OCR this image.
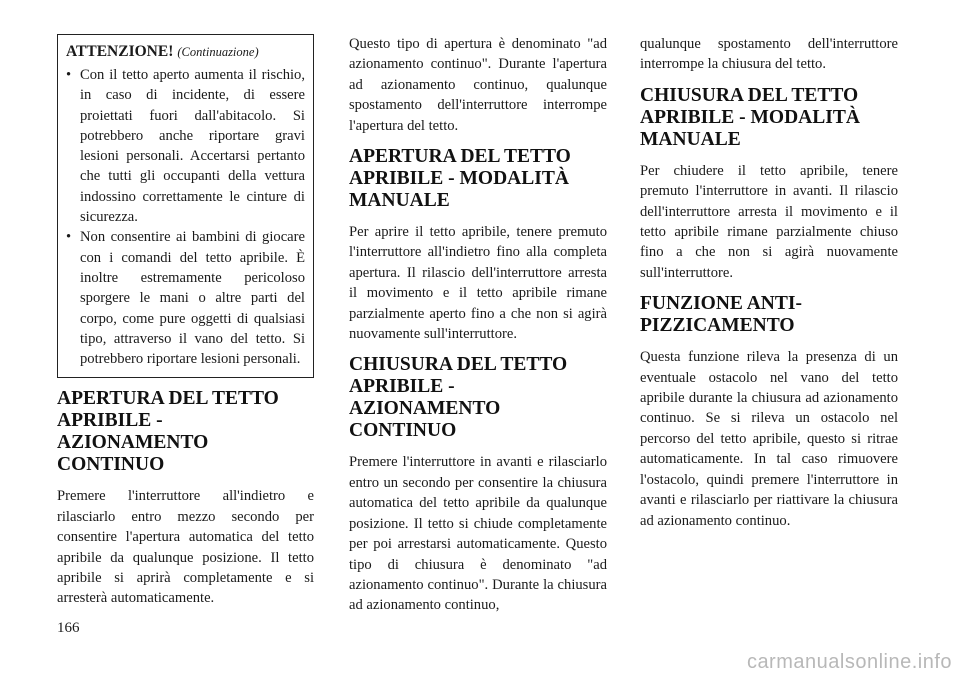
ATTENZIONE! (Continuazione)
• Con il tetto aperto aumenta il rischio, in caso di incidente, di essere proiettati fuori dall'abitacolo. Si potrebbero anche riportare gravi lesioni personali. Accertarsi pertanto che tutti gli occupanti della vettura indossino correttamente le cinture di sicurezza.
• Non consentire ai bambini di giocare con i comandi del tetto apribile. È inoltre estremamente pericoloso sporgere le mani o altre parti del corpo, come pure oggetti di qualsiasi tipo, attraverso il vano del tetto. Si potrebbero riportare lesioni personali.
APERTURA DEL TETTO APRIBILE - AZIONAMENTO CONTINUO

Premere l'interruttore all'indietro e rilasciarlo entro mezzo secondo per consentire l'apertura automatica del tetto apribile da qualunque posizione. Il tetto apribile si aprirà completamente e si arresterà automaticamente.

Questo tipo di apertura è denominato "ad azionamento continuo". Durante l'apertura ad azionamento continuo, qualunque spostamento dell'interruttore interrompe l'apertura del tetto.

APERTURA DEL TETTO APRIBILE - MODALITÀ MANUALE

Per aprire il tetto apribile, tenere premuto l'interruttore all'indietro fino alla completa apertura. Il rilascio dell'interruttore arresta il movimento e il tetto apribile rimane parzialmente aperto fino a che non si agirà nuovamente sull'interruttore.

CHIUSURA DEL TETTO APRIBILE - AZIONAMENTO CONTINUO

Premere l'interruttore in avanti e rilasciarlo entro un secondo per consentire la chiusura automatica del tetto apribile da qualunque posizione. Il tetto si chiude completamente per poi arrestarsi automaticamente. Questo tipo di chiusura è denominato "ad azionamento continuo". Durante la chiusura ad azionamento continuo,

qualunque spostamento dell'interruttore interrompe la chiusura del tetto.

CHIUSURA DEL TETTO APRIBILE - MODALITÀ MANUALE

Per chiudere il tetto apribile, tenere premuto l'interruttore in avanti. Il rilascio dell'interruttore arresta il movimento e il tetto apribile rimane parzialmente chiuso fino a che non si agirà nuovamente sull'interruttore.

FUNZIONE ANTI-PIZZICAMENTO

Questa funzione rileva la presenza di un eventuale ostacolo nel vano del tetto apribile durante la chiusura ad azionamento continuo. Se si rileva un ostacolo nel percorso del tetto apribile, questo si ritrae automaticamente. In tal caso rimuovere l'ostacolo, quindi premere l'interruttore in avanti e rilasciarlo per riattivare la chiusura ad azionamento continuo.

166
carmanualsonline.info
